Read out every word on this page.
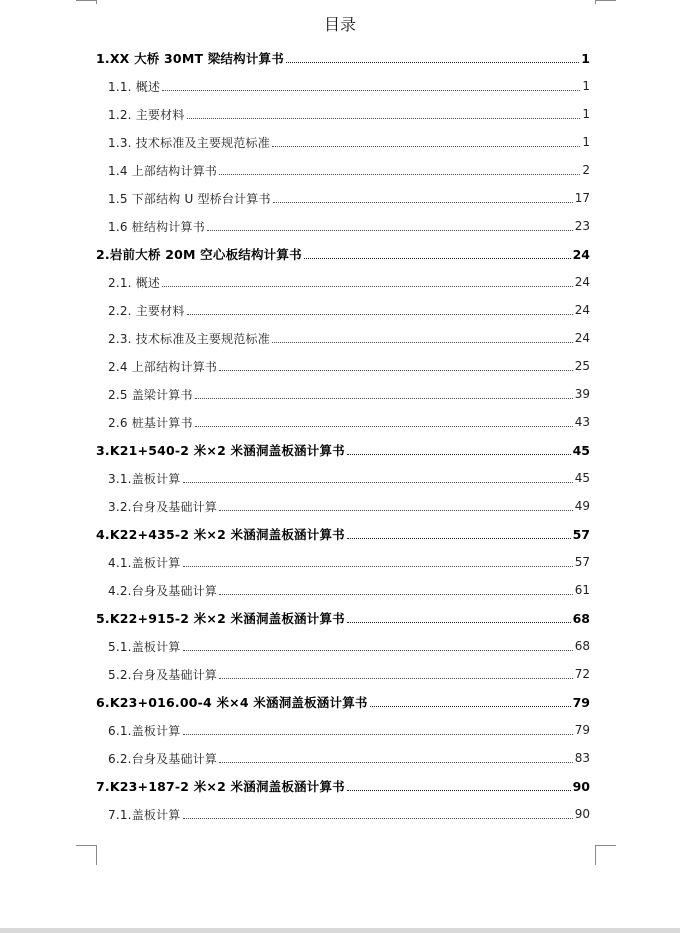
目录
1.XX 大桥 30MT 梁结构计算书	1
1.1. 概述	1
1.2. 主要材料	1
1.3. 技术标准及主要规范标准	1
1.4 上部结构计算书	2
1.5 下部结构 U 型桥台计算书	17
1.6 桩结构计算书	23
2.岩前大桥 20M 空心板结构计算书	24
2.1. 概述	24
2.2. 主要材料	24
2.3. 技术标准及主要规范标准	24
2.4 上部结构计算书	25
2.5 盖梁计算书	39
2.6 桩基计算书	43
3.K21+540-2 米×2 米涵洞盖板涵计算书	45
3.1.盖板计算	45
3.2.台身及基础计算	49
4.K22+435-2 米×2 米涵洞盖板涵计算书	57
4.1.盖板计算	57
4.2.台身及基础计算	61
5.K22+915-2 米×2 米涵洞盖板涵计算书	68
5.1.盖板计算	68
5.2.台身及基础计算	72
6.K23+016.00-4 米×4 米涵洞盖板涵计算书	79
6.1.盖板计算	79
6.2.台身及基础计算	83
7.K23+187-2 米×2 米涵洞盖板涵计算书	90
7.1.盖板计算	90
